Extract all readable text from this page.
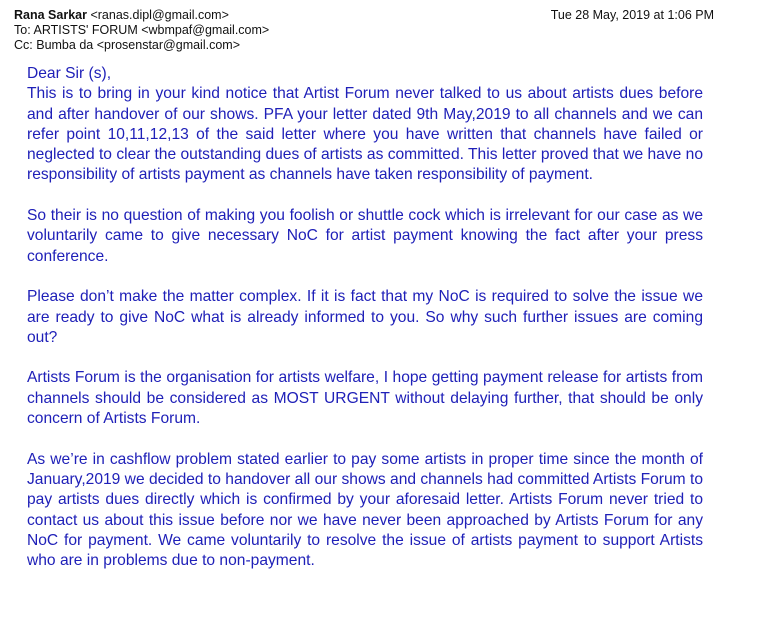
Rana Sarkar <ranas.dipl@gmail.com>	Tue 28 May, 2019 at 1:06 PM
To: ARTISTS' FORUM <wbmpaf@gmail.com>
Cc: Bumba da <prosenstar@gmail.com>

Dear Sir (s),
This is to bring in your kind notice that Artist Forum never talked to us about artists dues before and after handover of our shows. PFA your letter dated 9th May,2019 to all channels and we can refer point 10,11,12,13 of the said letter where you have written that channels have failed or neglected to clear the outstanding dues of artists as committed. This letter proved that we have no responsibility of artists payment as channels have taken responsibility of payment.

So their is no question of making you foolish or shuttle cock which is irrelevant for our case as we voluntarily came to give necessary NoC for artist payment knowing the fact after your press conference.

Please don’t make the matter complex. If it is fact that my NoC is required to solve the issue we are ready to give NoC what is already informed to you. So why such further issues are coming out?

Artists Forum is the organisation for artists welfare, I hope getting payment release for artists from channels should be considered as MOST URGENT without delaying further, that should be only concern of Artists Forum.

As we’re in cashflow problem stated earlier to pay some artists in proper time since the month of January,2019 we decided to handover all our shows and channels had committed Artists Forum to pay artists dues directly which is confirmed by your aforesaid letter. Artists Forum never tried to contact us about this issue before nor we have never been approached by Artists Forum for any NoC for payment. We came voluntarily to resolve the issue of artists payment to support Artists who are in problems due to non-payment.
